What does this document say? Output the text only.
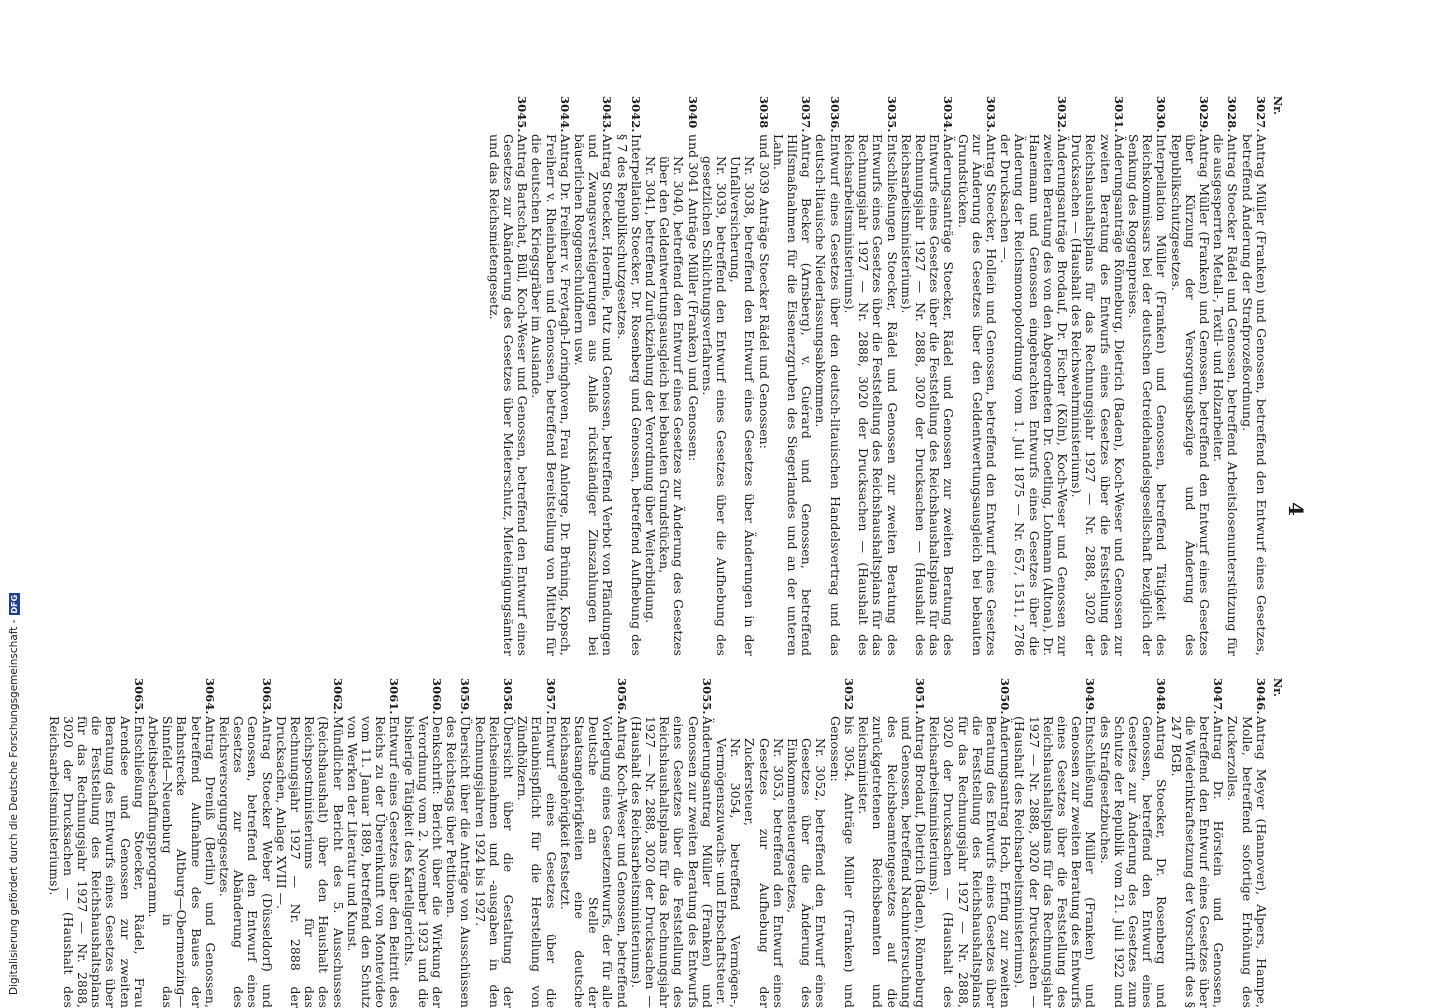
4
Nr.
3027.
Antrag Müller (Franken) und Genossen, betreffend den Entwurf eines Gesetzes, betreffend Änderung der Strafprozeßordnung.
3028.
Antrag Stoecker Rädel und Genossen, betreffend Arbeitslosenunterstützung für die ausgesperrten Metall-, Textil- und Holzarbeiter.
3029.
Antrag Müller (Franken) und Genossen, betreffend den Entwurf eines Gesetzes über Kürzung der Versorgungsbezüge und Änderung des Republikschutzgesetzes.
3030.
Interpellation Müller (Franken) und Genossen, betreffend Tätigkeit des Reichskommissars bei der deutschen Getreidehandelsgesellschaft bezüglich der Senkung des Roggenpreises.
3031.
Änderungsanträge Rönneburg, Dietrich (Baden), Koch-Weser und Genossen zur zweiten Beratung des Entwurfs eines Gesetzes über die Feststellung des Reichshaushaltsplans für das Rechnungsjahr 1927 — Nr. 2888, 3020 der Drucksachen — (Haushalt des Reichswehrministeriums).
3032.
Änderungsanträge Brodauf, Dr. Fischer (Köln), Koch-Weser und Genossen zur zweiten Beratung des von den Abgeordneten Dr. Goetling, Lohmann (Altona), Dr. Hanemann und Genossen eingebrachten Entwurfs eines Gesetzes über die Änderung der Reichsmonopolordnung vom 1. Juli 1875 — Nr. 657, 1511, 2786 der Drucksachen —.
3033.
Antrag Stoecker, Hollein und Genossen, betreffend den Entwurf eines Gesetzes zur Änderung des Gesetzes über den Geldentwertungsausgleich bei bebauten Grundstücken.
3034.
Änderungsanträge Stoecker, Rädel und Genossen zur zweiten Beratung des Entwurfs eines Gesetzes über die Feststellung des Reichshaushaltsplans für das Rechnungsjahr 1927 — Nr. 2888, 3020 der Drucksachen — (Haushalt des Reichsarbeitsministeriums).
3035.
Entschließungen Stoecker, Rädel und Genossen zur zweiten Beratung des Entwurfs eines Gesetzes über die Feststellung des Reichshaushaltsplans für das Rechnungsjahr 1927 — Nr. 2888, 3020 der Drucksachen — (Haushalt des Reichsarbeitsministeriums).
3036.
Entwurf eines Gesetzes über den deutsch-litauischen Handelsvertrag und das deutsch-litauische Niederlassungsabkommen.
3037.
Antrag Becker (Arnsberg), v. Guérard und Genossen, betreffend Hilfsmaßnahmen für die Eisenerzgruben des Siegerlandes und an der unteren Lahn.
3038
und 3039 Anträge Stoecker Rädel und Genossen:

Nr. 3038, betreffend den Entwurf eines Gesetzes über Änderungen in der Unfallversicherung,

Nr. 3039, betreffend den Entwurf eines Gesetzes über die Aufhebung des gesetzlichen Schlichtungsverfahrens.

3040
und 3041 Anträge Müller (Franken) und Genossen:

Nr. 3040, betreffend den Entwurf eines Gesetzes zur Änderung des Gesetzes über den Geldentwertungsausgleich bei bebauten Grundstücken,

Nr. 3041, betreffend Zurückziehung der Verordnung über Weiterbildung.

3042.
Interpellation Stoecker, Dr. Rosenberg und Genossen, betreffend Aufhebung des § 7 des Republikschutzgesetzes.
3043.
Antrag Stoecker, Hoernle, Putz und Genossen, betreffend Verbot von Pfändungen und Zwangsversteigerungen aus Anlaß rückständiger Zinszahlungen bei bäuerlichen Roggenschuldnern usw.
3044.
Antrag Dr. Freiherr v. Freytagh-Loringhoven, Frau Anlorge, Dr. Brüning, Kopsch, Freiherr v. Rheinbaben und Genossen, betreffend Bereitstellung von Mitteln für die deutschen Kriegsgräber im Auslande.
3045.
Antrag Bartschat, Büll, Koch-Weser und Genossen, betreffend den Entwurf eines Gesetzes zur Abänderung des Gesetzes über Mieterschutz, Mieteinigungsämter und das Reichsmietengesetz.
Nr.
3046.
Antrag Meyer (Hannover), Alpers, Hampe, Molle, betreffend sofortige Erhöhung des Zuckerzolles.
3047.
Antrag Dr. Hörstein und Genossen, betreffend den Entwurf eines Gesetzes über die Wiederinkraftsetzung der Vorschrift des § 247 BGB.
3048.
Antrag Stoecker, Dr. Rosenberg und Genossen, betreffend den Entwurf eines Gesetzes zur Änderung des Gesetzes zum Schutze der Republik vom 21. Juli 1922 und des Strafgesetzbuches.
3049.
Entschließung Müller (Franken) und Genossen zur zweiten Beratung des Entwurfs eines Gesetzes über die Feststellung des Reichshaushaltsplans für das Rechnungsjahr 1927 — Nr. 2888, 3020 der Drucksachen — (Haushalt des Reichsarbeitsministeriums).
3050.
Änderungsantrag Hoch, Erfing zur zweiten Beratung des Entwurfs eines Gesetzes über die Feststellung des Reichshaushaltsplans für das Rechnungsjahr 1927 — Nr. 2888, 3020 der Drucksachen — (Haushalt des Reichsarbeitsministeriums).
3051.
Antrag Brodauf, Dietrich (Baden), Rönneburg und Genossen, betreffend Nachuntersuchung des Reichsbeamtengesetzes auf die zurückgetretenen Reichsbeamten und Reichsminister.
3052
bis 3054. Anträge Müller (Franken) und Genossen:

Nr. 3052, betreffend den Entwurf eines Gesetzes über die Änderung des Einkommensteuergesetzes,

Nr. 3053, betreffend den Entwurf eines Gesetzes zur Aufhebung der Zuckersteuer,

Nr. 3054, betreffend Vermögen-, Vermögenszuwachs- und Erbschaftsteuer.

3055.
Änderungsantrag Müller (Franken) und Genossen zur zweiten Beratung des Entwurfs eines Gesetzes über die Feststellung des Reichshaushaltsplans für das Rechnungsjahr 1927 — Nr. 2888, 3020 der Drucksachen — (Haushalt des Reichsarbeitsministeriums).
3056.
Antrag Koch-Weser und Genossen, betreffend Vorlegung eines Gesetzentwurfs, der für alle Deutsche an Stelle der Staatsangehörigkeiten eine deutsche Reichsangehörigkeit festsetzt.
3057.
Entwurf eines Gesetzes über die Erlaubnispflicht für die Herstellung von Zündhölzern.
3058.
Übersicht über die Gestaltung der Reichseinnahmen und -ausgaben in den Rechnungsjahren 1924 bis 1927.
3059.
Übersicht über die Anträge von Ausschüssen des Reichstags über Petitionen.
3060.
Denkschrift: Bericht über die Wirkung der Verordnung vom 2. November 1923 und die bisherige Tätigkeit des Kartellgerichts.
3061.
Entwurf eines Gesetzes über den Beitritt des Reichs zu der Übereinkunft von Montevideo vom 11. Januar 1889, betreffend den Schutz von Werken der Literatur und Kunst.
3062.
Mündlicher Bericht des 5. Ausschusses (Reichshaushalt) über den Haushalt des Reichspostministeriums für das Rechnungsjahr 1927 — Nr. 2888 der Drucksachen, Anlage XVIII —.
3063.
Antrag Stoecker Weber (Düsseldorf) und Genossen, betreffend den Entwurf eines Gesetzes zur Abänderung des Reichsversorgungsgesetzes.
3064.
Antrag Dreniß (Berlin) und Genossen, betreffend Aufnahme des Baues der Bahnstrecke Altburg—Obermenzing—Sinnfeld—Neuenburg in das Arbeitsbeschaffungsprogramm.
3065.
Entschließung Stoecker, Rädel, Frau Arendsee und Genossen zur zweiten Beratung des Entwurfs eines Gesetzes über die Feststellung des Reichshaushaltsplans für das Rechnungsjahr 1927 — Nr. 2888, 3020 der Drucksachen — (Haushalt des Reichsarbeitsministeriums).
Digitalisierung gefördert durch die Deutsche Forschungsgemeinschaft -
DFG
